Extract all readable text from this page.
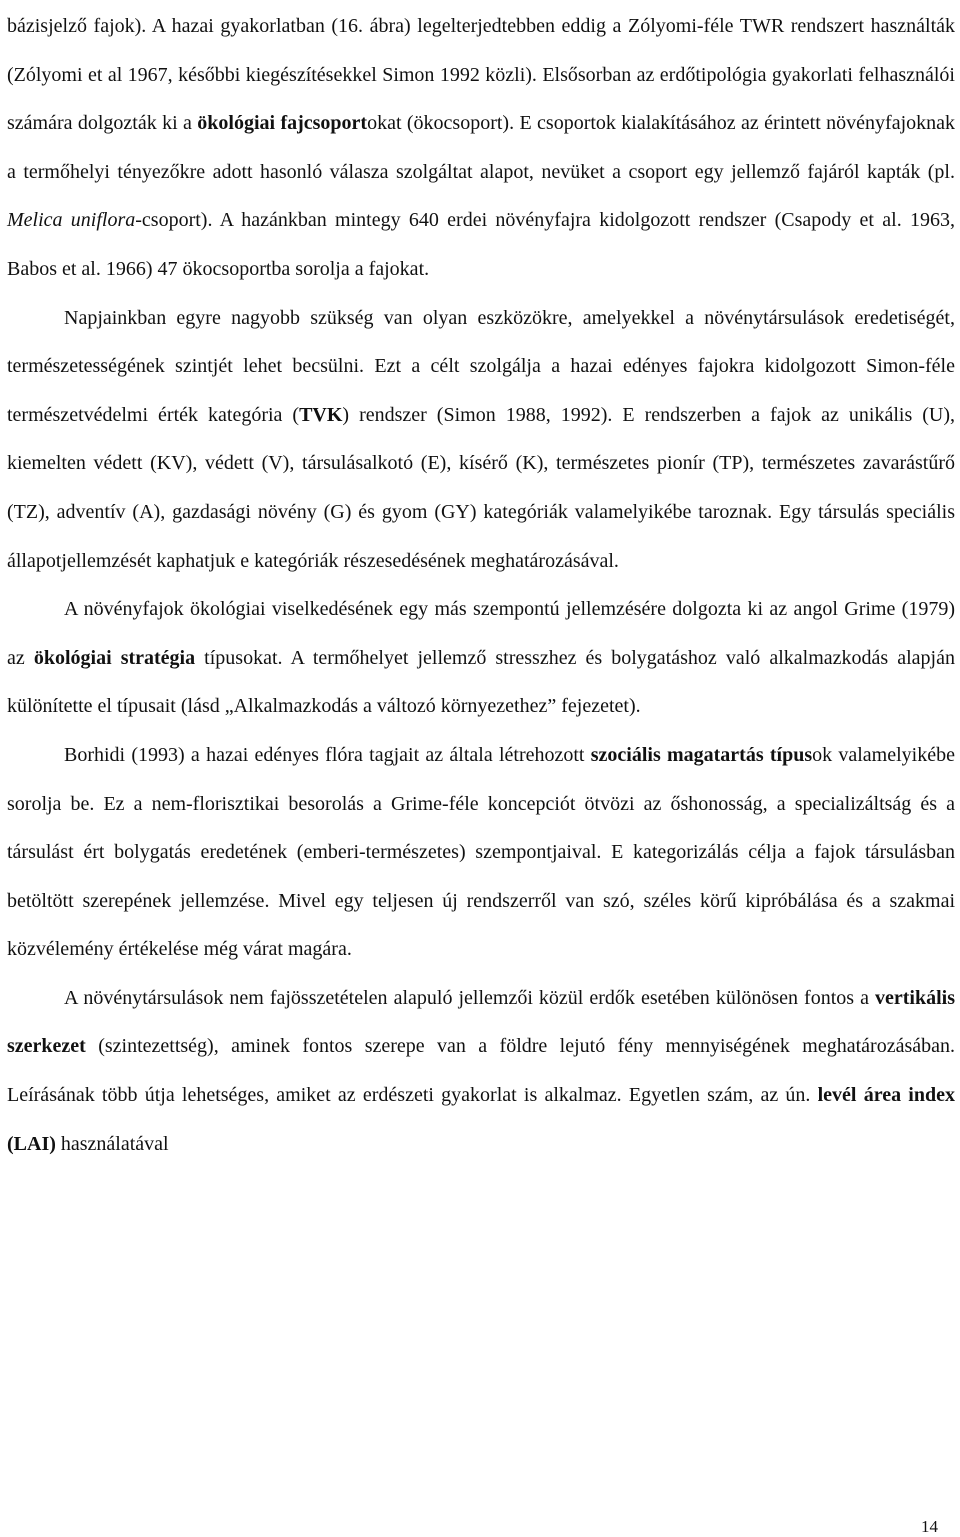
bázisjelző fajok). A hazai gyakorlatban (16. ábra) legelterjedtebben eddig a Zólyomi-féle TWR rendszert használták (Zólyomi et al 1967, későbbi kiegészítésekkel Simon 1992 közli). Elsősorban az erdőtipológia gyakorlati felhasználói számára dolgozták ki a ökológiai fajcsoportokat (ökocsoport). E csoportok kialakításához az érintett növényfajoknak a termőhelyi tényezőkre adott hasonló válasza szolgáltat alapot, nevüket a csoport egy jellemző fajáról kapták (pl. Melica uniflora-csoport). A hazánkban mintegy 640 erdei növényfajra kidolgozott rendszer (Csapody et al. 1963, Babos et al. 1966) 47 ökocsoportba sorolja a fajokat.

Napjainkban egyre nagyobb szükség van olyan eszközökre, amelyekkel a növénytársulások eredetiségét, természetességének szintjét lehet becsülni. Ezt a célt szolgálja a hazai edényes fajokra kidolgozott Simon-féle természetvédelmi érték kategória (TVK) rendszer (Simon 1988, 1992). E rendszerben a fajok az unikális (U), kiemelten védett (KV), védett (V), társulásalkotó (E), kísérő (K), természetes pionír (TP), természetes zavarástűrő (TZ), adventív (A), gazdasági növény (G) és gyom (GY) kategóriák valamelyikébe taroznak. Egy társulás speciális állapotjellemzését kaphatjuk e kategóriák részesedésének meghatározásával.

A növényfajok ökológiai viselkedésének egy más szempontú jellemzésére dolgozta ki az angol Grime (1979) az ökológiai stratégia típusokat. A termőhelyet jellemző stresszhez és bolygatáshoz való alkalmazkodás alapján különítette el típusait (lásd „Alkalmazkodás a változó környezethez” fejezetet).

Borhidi (1993) a hazai edényes flóra tagjait az általa létrehozott szociális magatartás típusok valamelyikébe sorolja be. Ez a nem-florisztikai besorolás a Grime-féle koncepciót ötvözi az őshonosság, a specializáltság és a társulást ért bolygatás eredetének (emberi-természetes) szempontjaival. E kategorizálás célja a fajok társulásban betöltött szerepének jellemzése. Mivel egy teljesen új rendszerről van szó, széles körű kipróbálása és a szakmai közvélemény értékelése még várat magára.

A növénytársulások nem fajösszetételen alapuló jellemzői közül erdők esetében különösen fontos a vertikális szerkezet (szintezettség), aminek fontos szerepe van a földre lejutó fény mennyiségének meghatározásában. Leírásának több útja lehetséges, amiket az erdészeti gyakorlat is alkalmaz. Egyetlen szám, az ún. levél área index (LAI) használatával

14
